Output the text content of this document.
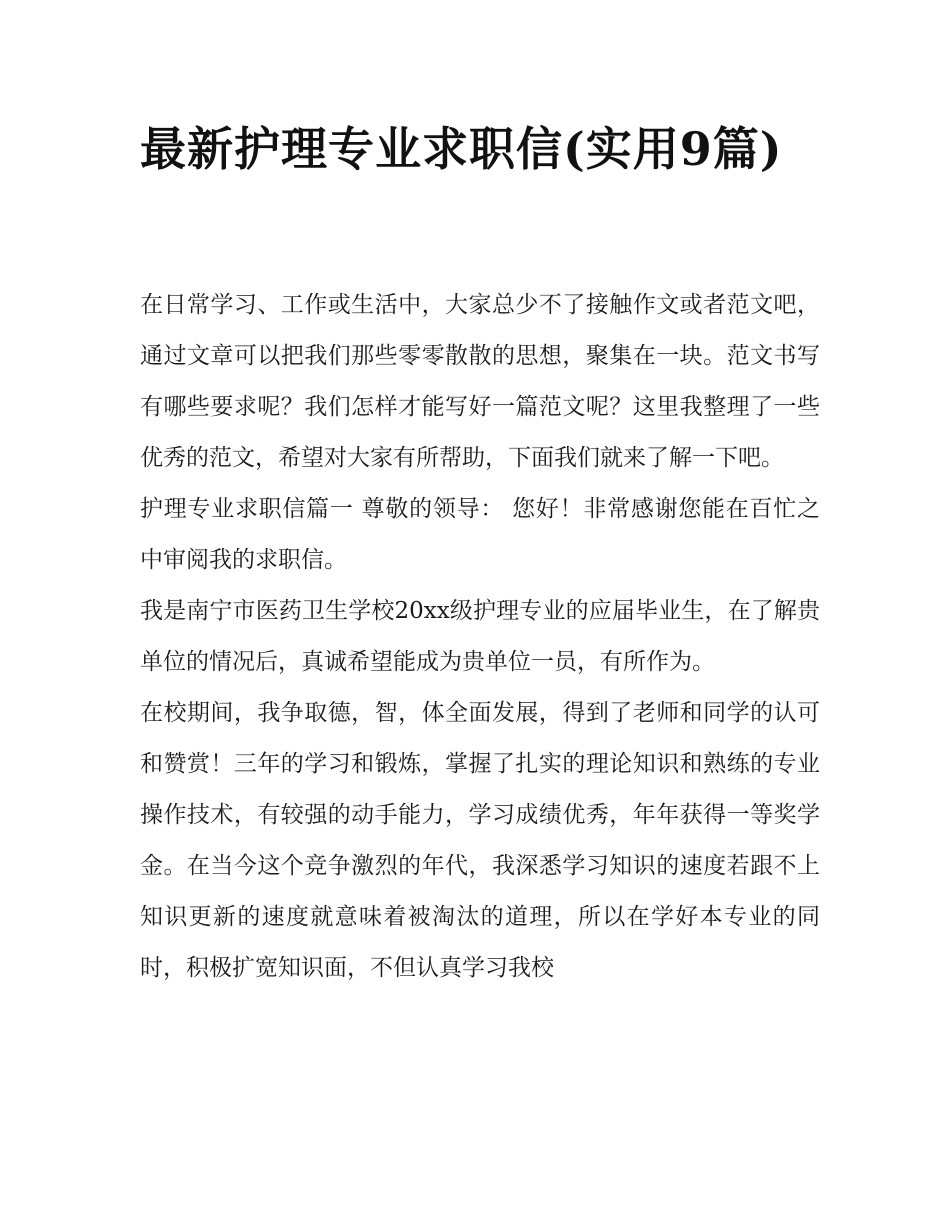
最新护理专业求职信(实用9篇)

在日常学习、工作或生活中，大家总少不了接触作文或者范文吧，通过文章可以把我们那些零零散散的思想，聚集在一块。范文书写有哪些要求呢？我们怎样才能写好一篇范文呢？这里我整理了一些优秀的范文，希望对大家有所帮助，下面我们就来了解一下吧。

护理专业求职信篇一 尊敬的领导： 您好！非常感谢您能在百忙之中审阅我的求职信。

我是南宁市医药卫生学校20xx级护理专业的应届毕业生，在了解贵单位的情况后，真诚希望能成为贵单位一员，有所作为。

在校期间，我争取德，智，体全面发展，得到了老师和同学的认可和赞赏！三年的学习和锻炼，掌握了扎实的理论知识和熟练的专业操作技术，有较强的动手能力，学习成绩优秀，年年获得一等奖学金。在当今这个竞争激烈的年代，我深悉学习知识的速度若跟不上知识更新的速度就意味着被淘汰的道理，所以在学好本专业的同时，积极扩宽知识面，不但认真学习我校
